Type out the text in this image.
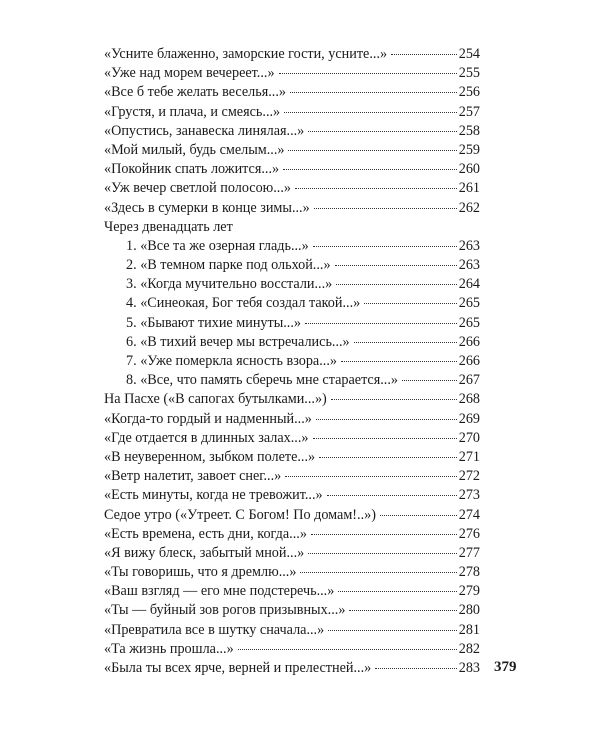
«Усните блаженно, заморские гости, усните...»	254
«Уже над морем вечереет...»	255
«Все б тебе желать веселья...»	256
«Грустя, и плача, и смеясь...»	257
«Опустись, занавеска линялая...»	258
«Мой милый, будь смелым...»	259
«Покойник спать ложится...»	260
«Уж вечер светлой полосою...»	261
«Здесь в сумерки в конце зимы...»	262
Через двенадцать лет
1. «Все та же озерная гладь...»	263
2. «В темном парке под ольхой...»	263
3. «Когда мучительно восстали...»	264
4. «Синеокая, Бог тебя создал такой...»	265
5. «Бывают тихие минуты...»	265
6. «В тихий вечер мы встречались...»	266
7. «Уже померкла ясность взора...»	266
8. «Все, что память сберечь мне старается...»	267
На Пасхе («В сапогах бутылками...»)	268
«Когда-то гордый и надменный...»	269
«Где отдается в длинных залах...»	270
«В неуверенном, зыбком полете...»	271
«Ветр налетит, завоет снег...»	272
«Есть минуты, когда не тревожит...»	273
Седое утро («Утреет. С Богом! По домам!..»)	274
«Есть времена, есть дни, когда...»	276
«Я вижу блеск, забытый мной...»	277
«Ты говоришь, что я дремлю...»	278
«Ваш взгляд — его мне подстеречь...»	279
«Ты — буйный зов рогов призывных...»	280
«Превратила все в шутку сначала...»	281
«Та жизнь прошла...»	282
«Была ты всех ярче, верней и прелестней...»	283 379
